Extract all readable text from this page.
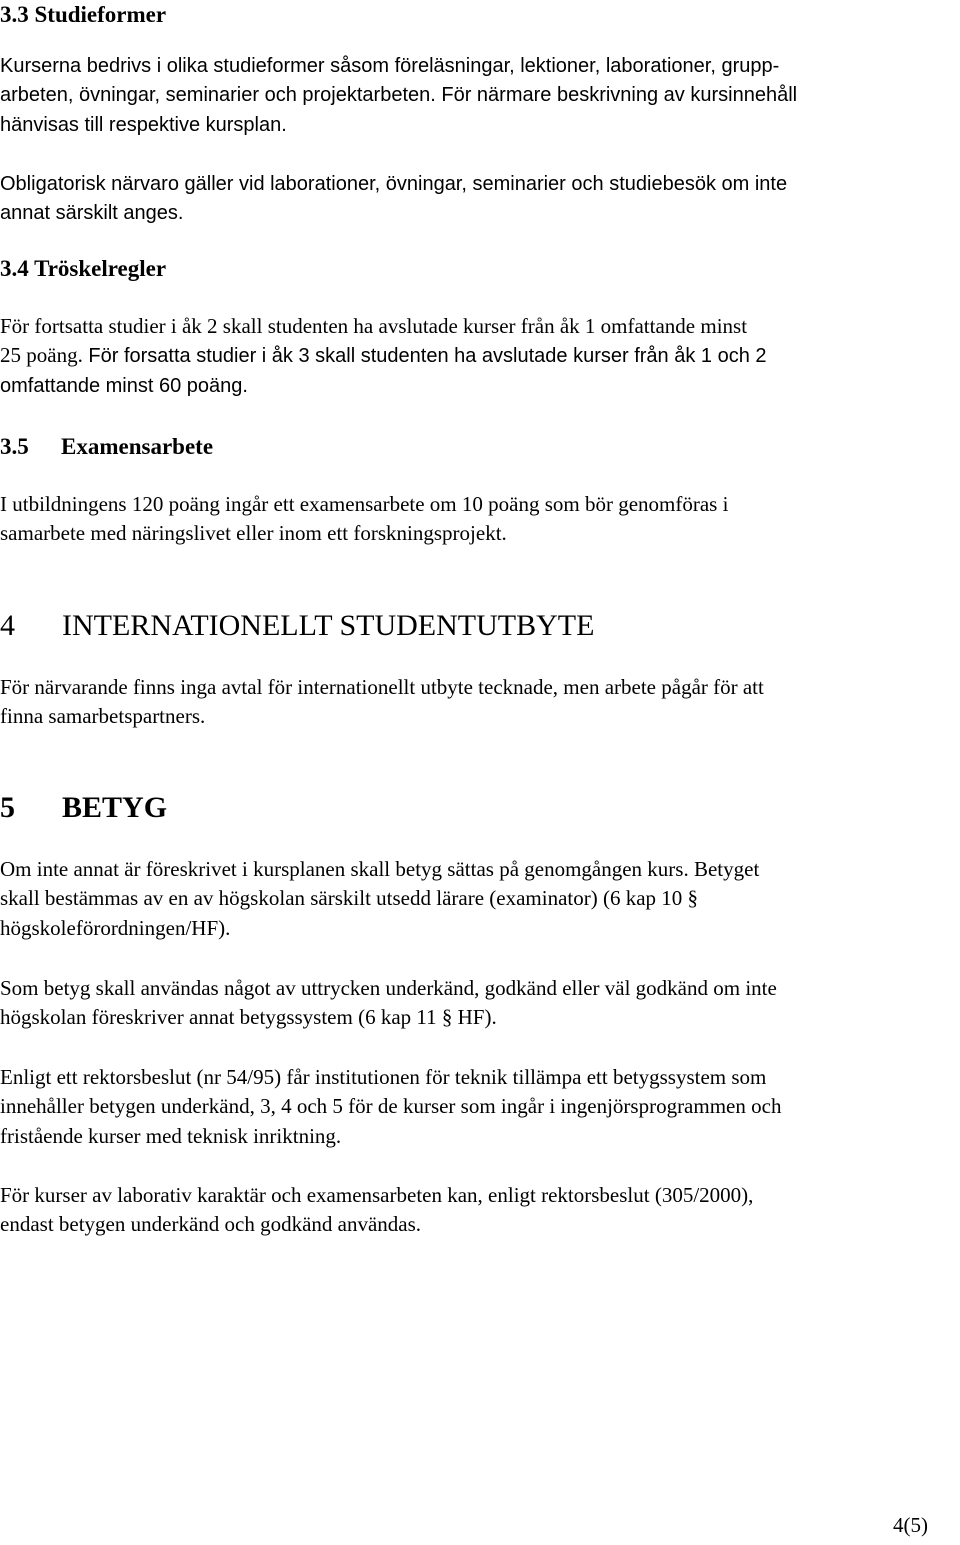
3.3 Studieformer
Kurserna bedrivs i olika studieformer såsom föreläsningar, lektioner, laborationer, grupp-
arbeten, övningar, seminarier och projektarbeten. För närmare beskrivning av kursinnehåll
hänvisas till respektive kursplan.
Obligatorisk närvaro gäller vid laborationer, övningar, seminarier och studiebesök om inte
annat särskilt anges.
3.4 Tröskelregler
För fortsatta studier i åk 2 skall studenten ha avslutade kurser från åk 1 omfattande minst
25 poäng. För forsatta studier i åk 3 skall studenten ha avslutade kurser från åk 1 och 2
omfattande minst 60 poäng.
3.5 Examensarbete
I utbildningens 120 poäng ingår ett examensarbete om 10 poäng som bör genomföras i
samarbete med näringslivet eller inom ett forskningsprojekt.
4 INTERNATIONELLT STUDENTUTBYTE
För närvarande finns inga avtal för internationellt utbyte tecknade, men arbete pågår för att
finna samarbetspartners.
5 BETYG
Om inte annat är föreskrivet i kursplanen skall betyg sättas på genomgången kurs. Betyget
skall bestämmas av en av högskolan särskilt utsedd lärare (examinator) (6 kap 10 §
högskoleförordningen/HF).
Som betyg skall användas något av uttrycken underkänd, godkänd eller väl godkänd om inte
högskolan föreskriver annat betygssystem (6 kap 11 § HF).
Enligt ett rektorsbeslut (nr 54/95) får institutionen för teknik tillämpa ett betygssystem som
innehåller betygen underkänd, 3, 4 och 5 för de kurser som ingår i ingenjörsprogrammen och
fristående kurser med teknisk inriktning.
För kurser av laborativ karaktär och examensarbeten kan, enligt rektorsbeslut (305/2000),
endast betygen underkänd och godkänd användas.
4(5)
